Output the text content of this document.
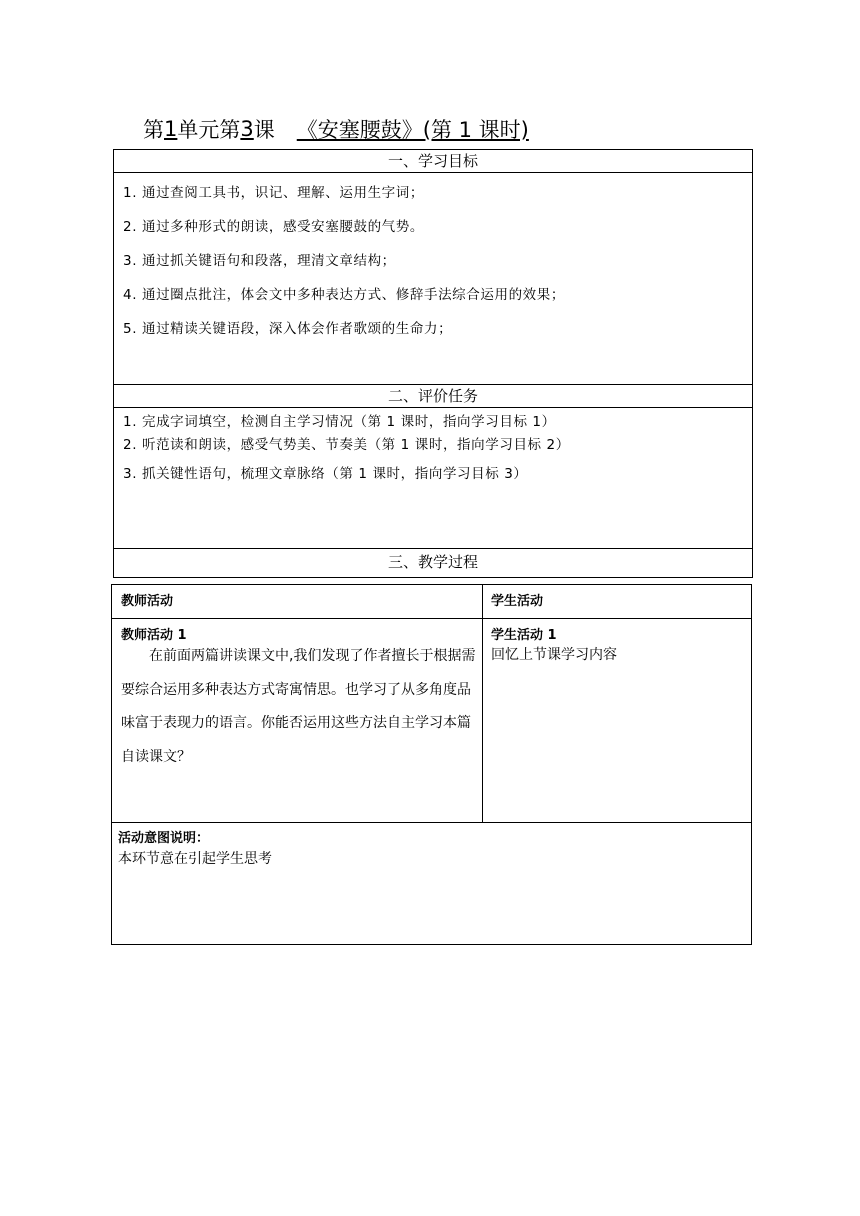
第 1 单元第 3 课 《安塞腰鼓》(第 1 课时)
一、学习目标
1. 通过查阅工具书，识记、理解、运用生字词；
2. 通过多种形式的朗读，感受安塞腰鼓的气势。
3. 通过抓关键语句和段落，理清文章结构；
4. 通过圈点批注，体会文中多种表达方式、修辞手法综合运用的效果；
5. 通过精读关键语段，深入体会作者歌颂的生命力；
二、评价任务
1. 完成字词填空，检测自主学习情况（第 1 课时，指向学习目标 1）
2. 听范读和朗读，感受气势美、节奏美（第 1 课时，指向学习目标 2）
3. 抓关键性语句，梳理文章脉络（第 1 课时，指向学习目标 3）
三、教学过程
教师活动	学生活动
教师活动 1
在前面两篇讲读课文中,我们发现了作者擅长于根据需要综合运用多种表达方式寄寓情思。也学习了从多角度品味富于表现力的语言。你能否运用这些方法自主学习本篇自读课文？
学生活动 1
回忆上节课学习内容
活动意图说明：
本环节意在引起学生思考
